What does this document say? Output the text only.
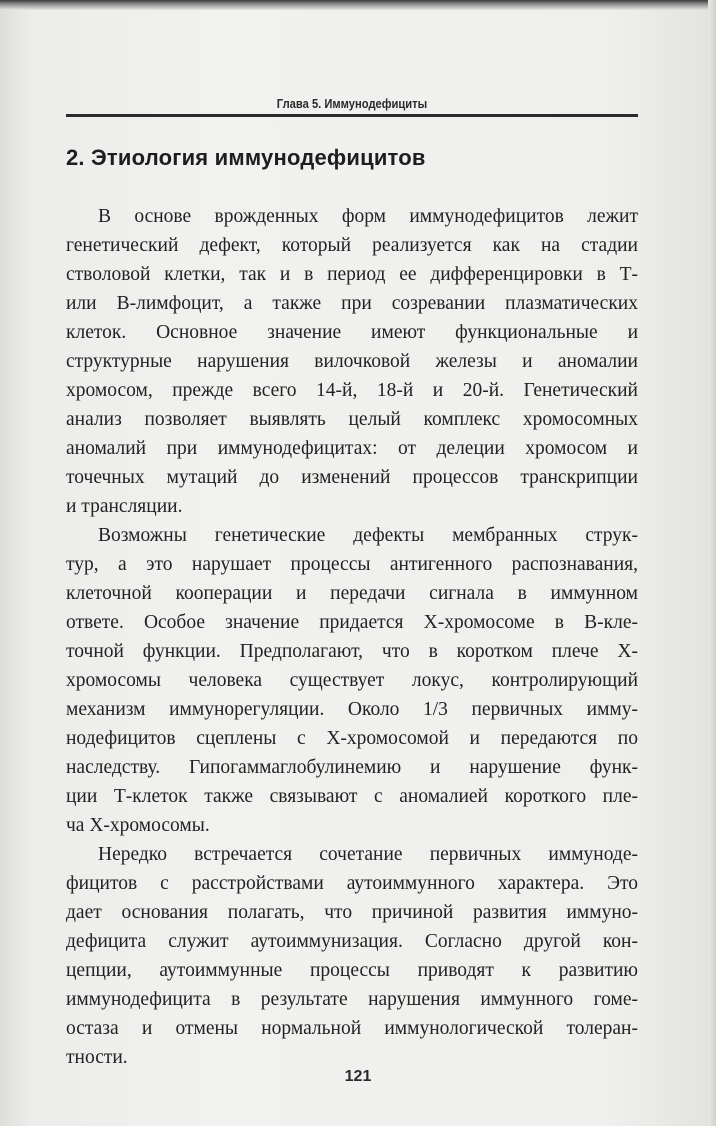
Глава 5. Иммунодефициты
2. Этиология иммунодефицитов
В основе врожденных форм иммунодефицитов лежит
генетический дефект, который реализуется как на стадии
стволовой клетки, так и в период ее дифференцировки в Т-
или В-лимфоцит, а также при созревании плазматических
клеток. Основное значение имеют функциональные и
структурные нарушения вилочковой железы и аномалии
хромосом, прежде всего 14-й, 18-й и 20-й. Генетический
анализ позволяет выявлять целый комплекс хромосомных
аномалий при иммунодефицитах: от делеции хромосом и
точечных мутаций до изменений процессов транскрипции
и трансляции.
Возможны генетические дефекты мембранных струк-
тур, а это нарушает процессы антигенного распознавания,
клеточной кооперации и передачи сигнала в иммунном
ответе. Особое значение придается Х-хромосоме в В-кле-
точной функции. Предполагают, что в коротком плече Х-
хромосомы человека существует локус, контролирующий
механизм иммунорегуляции. Около 1/3 первичных имму-
нодефицитов сцеплены с Х-хромосомой и передаются по
наследству. Гипогаммаглобулинемию и нарушение функ-
ции Т-клеток также связывают с аномалией короткого пле-
ча Х-хромосомы.
Нередко встречается сочетание первичных иммуноде-
фицитов с расстройствами аутоиммунного характера. Это
дает основания полагать, что причиной развития иммуно-
дефицита служит аутоиммунизация. Согласно другой кон-
цепции, аутоиммунные процессы приводят к развитию
иммунодефицита в результате нарушения иммунного гоме-
остаза и отмены нормальной иммунологической толеран-
тности.
121
